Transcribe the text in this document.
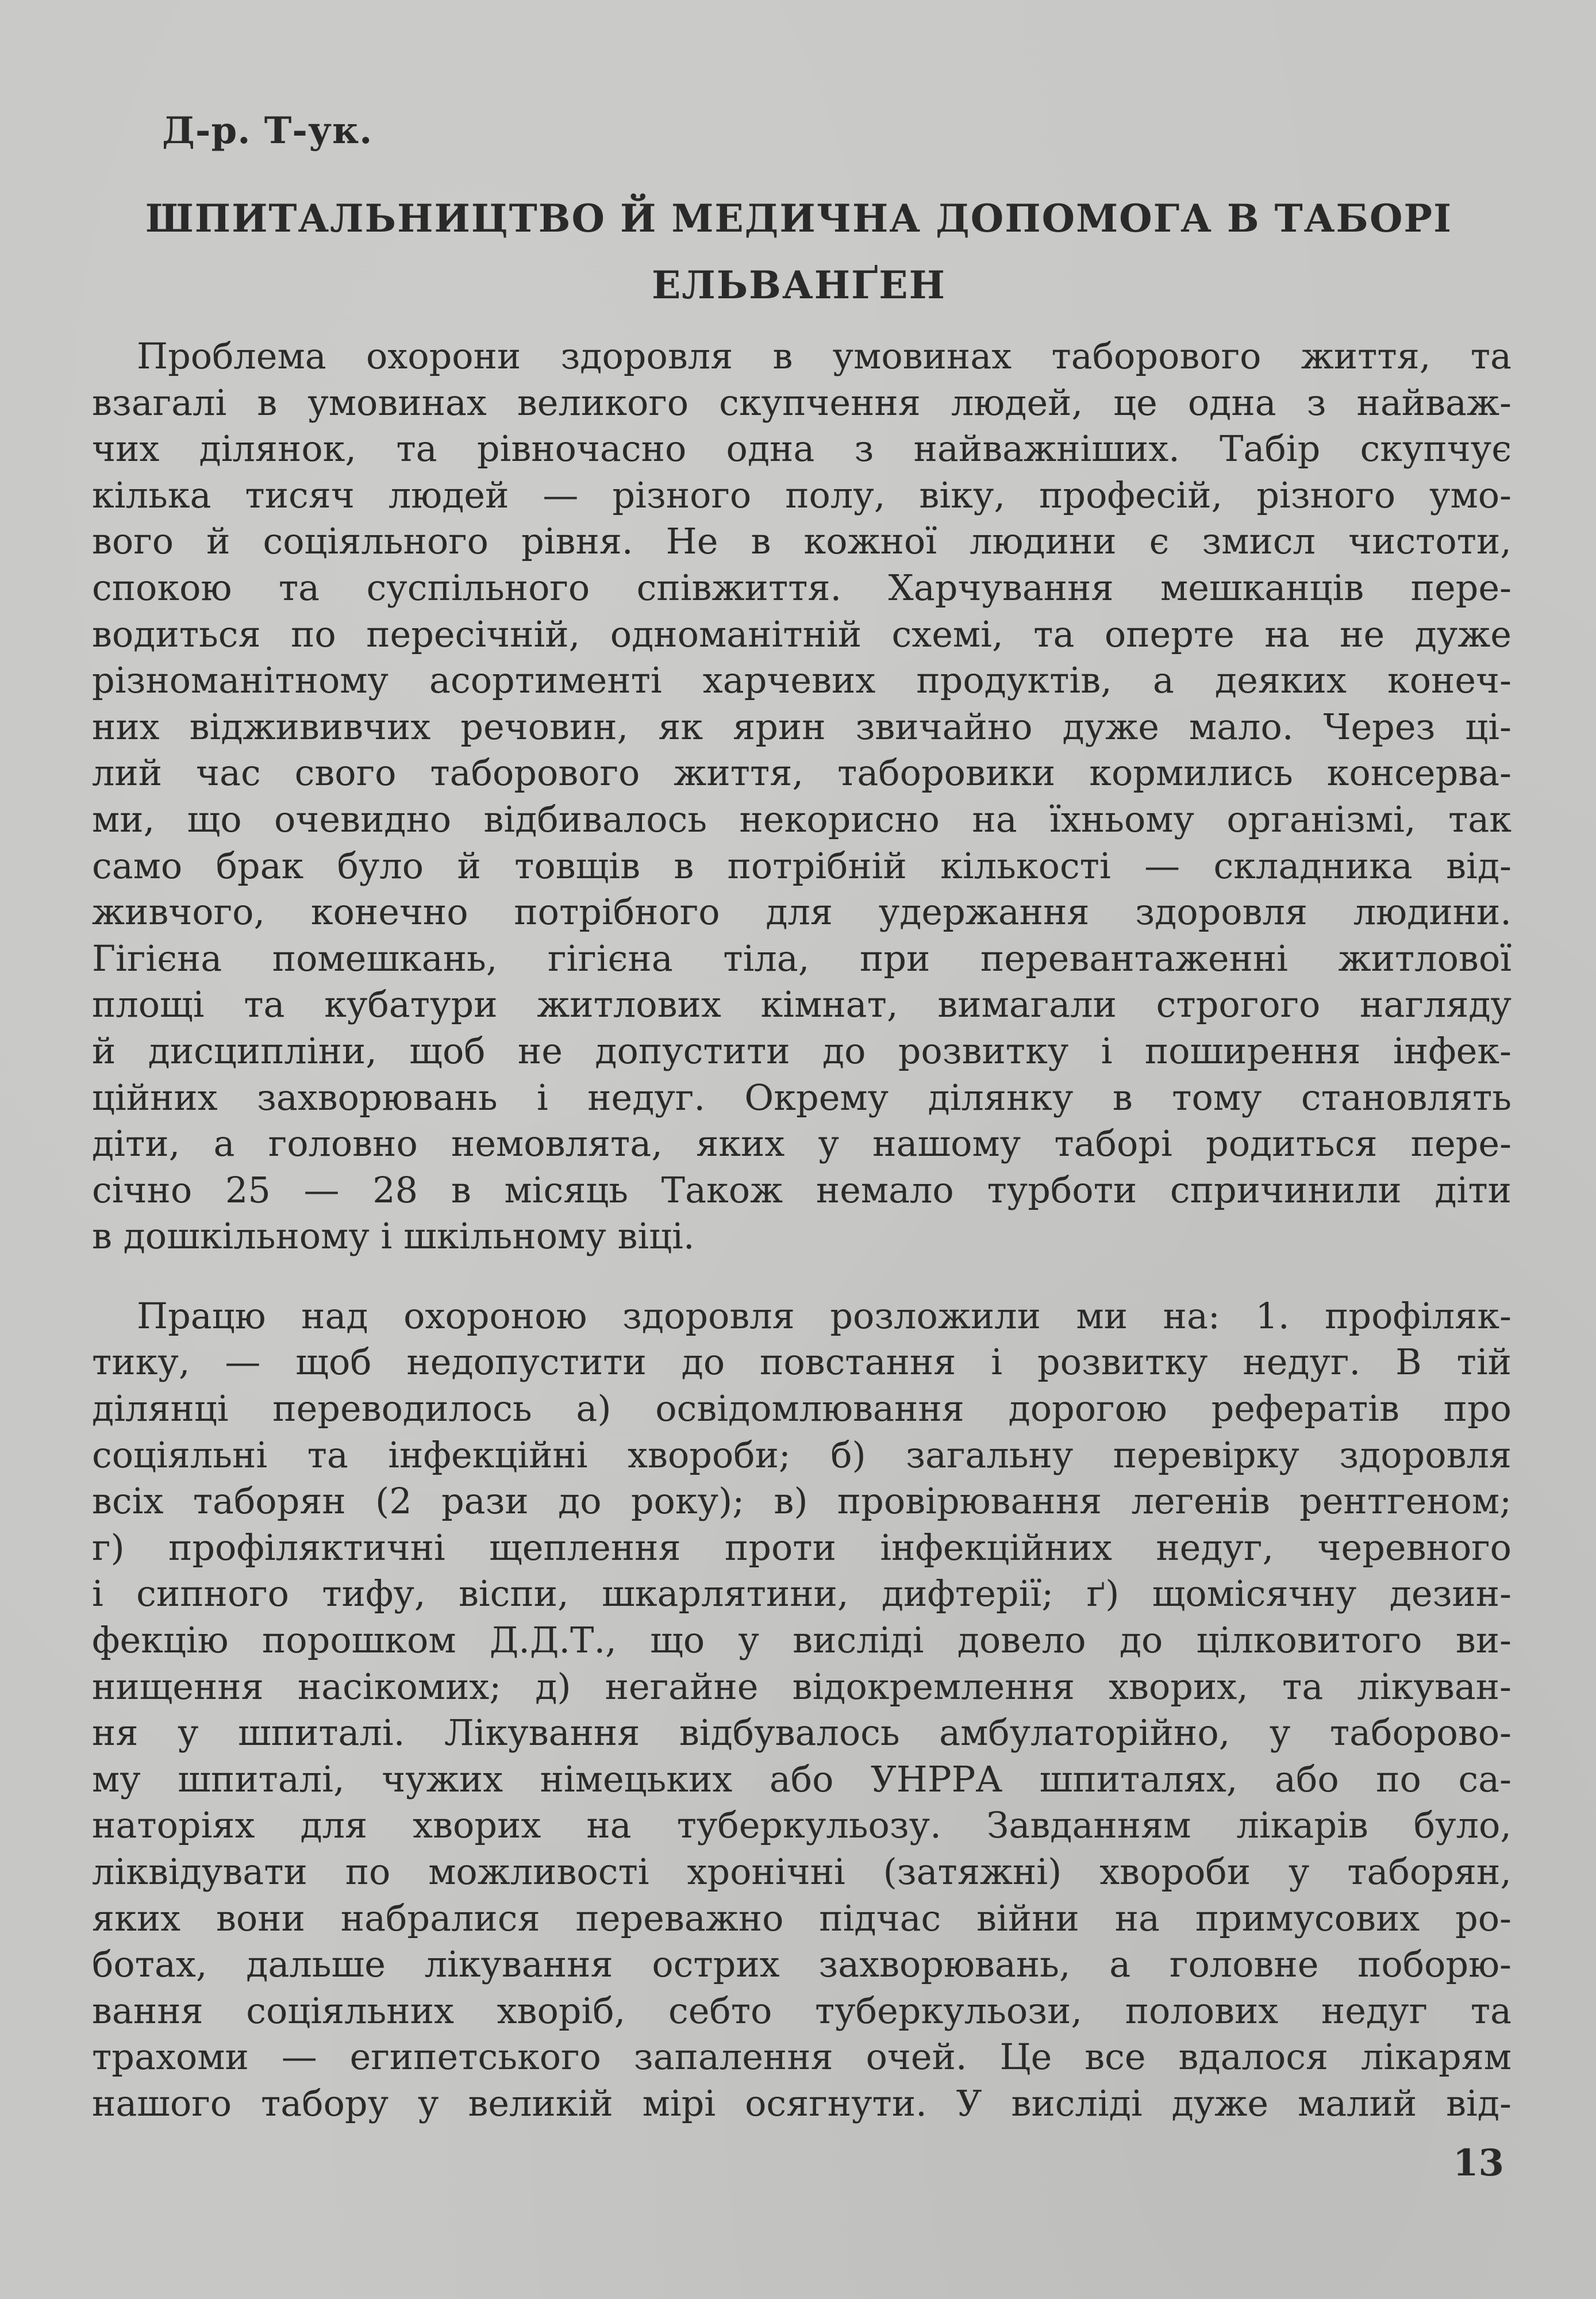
Д-р. Т-ук.

ШПИТАЛЬНИЦТВО Й МЕДИЧНА ДОПОМОГА В ТАБОРІ
ЕЛЬВАНҐЕН

Проблема охорони здоровля в умовинах таборового життя, та
взагалі в умовинах великого скупчення людей, це одна з найваж-
чих ділянок, та рівночасно одна з найважніших. Табір скупчує
кілька тисяч людей — різного полу, віку, професій, різного умо-
вого й соціяльного рівня. Не в кожної людини є змисл чистоти,
спокою та суспільного співжиття. Харчування мешканців пере-
водиться по пересічній, одноманітній схемі, та оперте на не дуже
різноманітному асортименті харчевих продуктів, а деяких конеч-
них віджививчих речовин, як ярин звичайно дуже мало. Через ці-
лий час свого таборового життя, таборовики кормились консерва-
ми, що очевидно відбивалось некорисно на їхньому організмі, так
само брак було й товщів в потрібній кількості — складника від-
живчого, конечно потрібного для удержання здоровля людини.
Гігієна помешкань, гігієна тіла, при перевантаженні житлової
площі та кубатури житлових кімнат, вимагали строгого нагляду
й дисципліни, щоб не допустити до розвитку і поширення інфек-
ційних захворювань і недуг. Окрему ділянку в тому становлять
діти, а головно немовлята, яких у нашому таборі родиться пере-
січно 25 — 28 в місяць Також немало турботи спричинили діти
в дошкільному і шкільному віці.

Працю над охороною здоровля розложили ми на: 1. профіляк-
тику, — щоб недопустити до повстання і розвитку недуг. В тій
ділянці переводилось а) освідомлювання дорогою рефератів про
соціяльні та інфекційні хвороби; б) загальну перевірку здоровля
всіх таборян (2 рази до року); в) провірювання легенів рентгеном;
г) профіляктичні щеплення проти інфекційних недуг, черевного
і сипного тифу, віспи, шкарлятини, дифтерії; ґ) щомісячну дезин-
фекцію порошком Д.Д.Т., що у висліді довело до цілковитого ви-
нищення насікомих; д) негайне відокремлення хворих, та лікуван-
ня у шпиталі. Лікування відбувалось амбулаторійно, у таборово-
му шпиталі, чужих німецьких або УНРРА шпиталях, або по са-
наторіях для хворих на туберкульозу. Завданням лікарів було,
ліквідувати по можливості хронічні (затяжні) хвороби у таборян,
яких вони набралися переважно підчас війни на примусових ро-
ботах, дальше лікування острих захворювань, а головне поборю-
вання соціяльних хворіб, себто туберкульози, полових недуг та
трахоми — египетського запалення очей. Це все вдалося лікарям
нашого табору у великій мірі осягнути. У висліді дуже малий від-

13
